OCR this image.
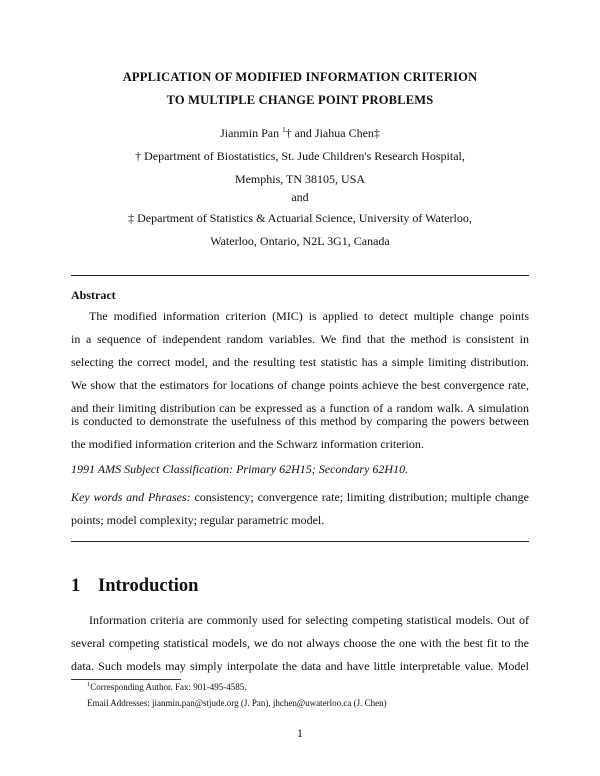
APPLICATION OF MODIFIED INFORMATION CRITERION
TO MULTIPLE CHANGE POINT PROBLEMS
Jianmin Pan $^1$† and Jiahua Chen‡
† Department of Biostatistics, St. Jude Children's Research Hospital,
Memphis, TN 38105, USA
and
‡ Department of Statistics & Actuarial Science, University of Waterloo,
Waterloo, Ontario, N2L 3G1, Canada
Abstract
The modified information criterion (MIC) is applied to detect multiple change points
in a sequence of independent random variables. We find that the method is consistent in
selecting the correct model, and the resulting test statistic has a simple limiting distribution.
We show that the estimators for locations of change points achieve the best convergence rate,
and their limiting distribution can be expressed as a function of a random walk. A simulation
is conducted to demonstrate the usefulness of this method by comparing the powers between
the modified information criterion and the Schwarz information criterion.
1991 AMS Subject Classification: Primary 62H15; Secondary 62H10.
Key words and Phrases: consistency; convergence rate; limiting distribution; multiple change
points; model complexity; regular parametric model.
1 Introduction
Information criteria are commonly used for selecting competing statistical models. Out of
several competing statistical models, we do not always choose the one with the best fit to the
data. Such models may simply interpolate the data and have little interpretable value. Model
$^1$Corresponding Author. Fax: 901-495-4585.
Email Addresses: jianmin.pan@stjude.org (J. Pan), jhchen@uwaterloo.ca (J. Chen)
1
